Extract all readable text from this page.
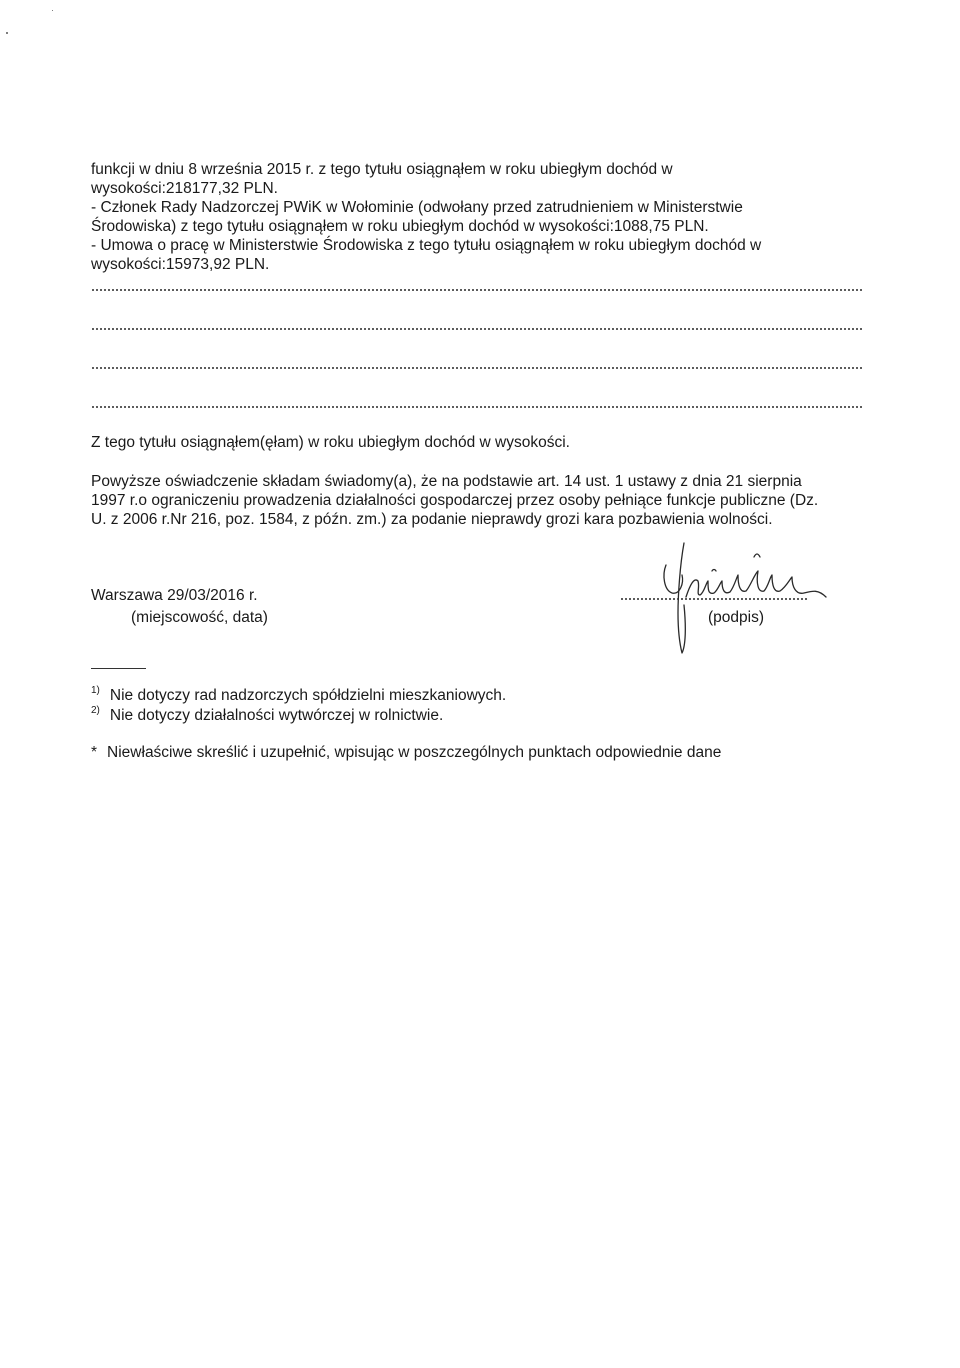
funkcji w dniu 8 września 2015 r. z tego tytułu osiągnąłem w roku ubiegłym dochód w
wysokości:218177,32 PLN.
- Członek Rady Nadzorczej PWiK w Wołominie (odwołany przed zatrudnieniem w Ministerstwie
Środowiska) z tego tytułu osiągnąłem w roku ubiegłym dochód w wysokości:1088,75 PLN.
- Umowa o pracę w Ministerstwie Środowiska z tego tytułu osiągnąłem w roku ubiegłym dochód w
wysokości:15973,92 PLN.
Z tego tytułu osiągnąłem(ęłam) w roku ubiegłym dochód w wysokości.
Powyższe oświadczenie składam świadomy(a), że na podstawie art. 14 ust. 1 ustawy z dnia 21 sierpnia
1997 r.o ograniczeniu prowadzenia działalności gospodarczej przez osoby pełniące funkcje publiczne (Dz.
U. z 2006 r.Nr 216, poz. 1584, z późn. zm.) za podanie nieprawdy grozi kara pozbawienia wolności.
Warszawa 29/03/2016 r.
(miejscowość, data)	(podpis)
$^{1)}$ Nie dotyczy rad nadzorczych spółdzielni mieszkaniowych.
$^{2)}$ Nie dotyczy działalności wytwórczej w rolnictwie.
* Niewłaściwe skreślić i uzupełnić, wpisując w poszczególnych punktach odpowiednie dane
